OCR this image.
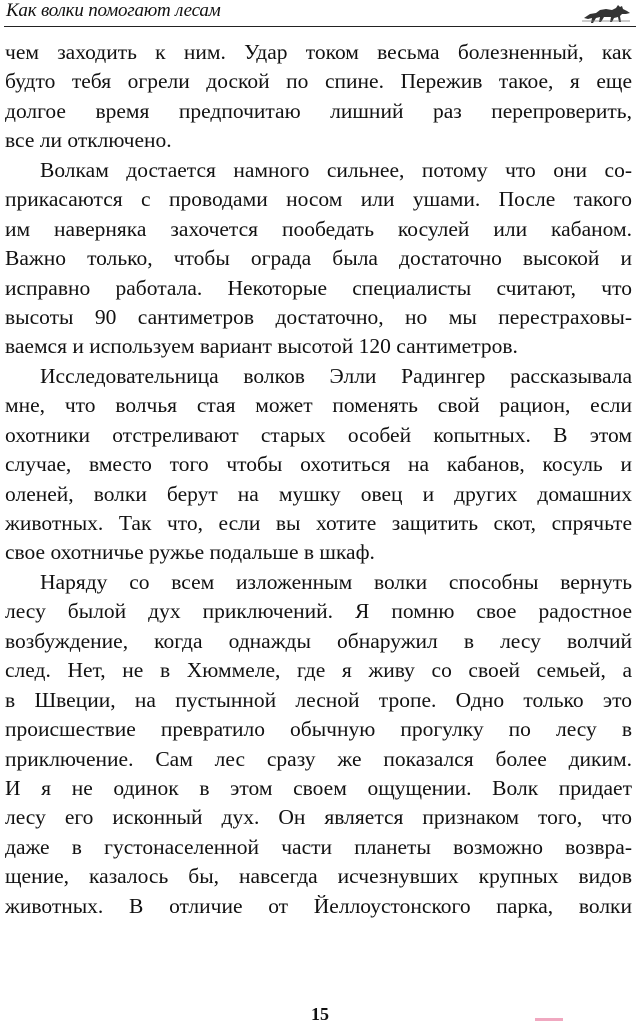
Как волки помогают лесам
чем заходить к ним. Удар током весьма болезненный, как
будто тебя огрели доской по спине. Пережив такое, я еще
долгое время предпочитаю лишний раз перепроверить,
все ли отключено.
Волкам достается намного сильнее, потому что они со-
прикасаются с проводами носом или ушами. После такого
им наверняка захочется пообедать косулей или кабаном.
Важно только, чтобы ограда была достаточно высокой и
исправно работала. Некоторые специалисты считают, что
высоты 90 сантиметров достаточно, но мы перестраховы-
ваемся и используем вариант высотой 120 сантиметров.
Исследовательница волков Элли Радингер рассказывала
мне, что волчья стая может поменять свой рацион, если
охотники отстреливают старых особей копытных. В этом
случае, вместо того чтобы охотиться на кабанов, косуль и
оленей, волки берут на мушку овец и других домашних
животных. Так что, если вы хотите защитить скот, спрячьте
свое охотничье ружье подальше в шкаф.
Наряду со всем изложенным волки способны вернуть
лесу былой дух приключений. Я помню свое радостное
возбуждение, когда однажды обнаружил в лесу волчий
след. Нет, не в Хюммеле, где я живу со своей семьей, а
в Швеции, на пустынной лесной тропе. Одно только это
происшествие превратило обычную прогулку по лесу в
приключение. Сам лес сразу же показался более диким.
И я не одинок в этом своем ощущении. Волк придает
лесу его исконный дух. Он является признаком того, что
даже в густонаселенной части планеты возможно возвра-
щение, казалось бы, навсегда исчезнувших крупных видов
животных. В отличие от Йеллоустонского парка, волки
15
